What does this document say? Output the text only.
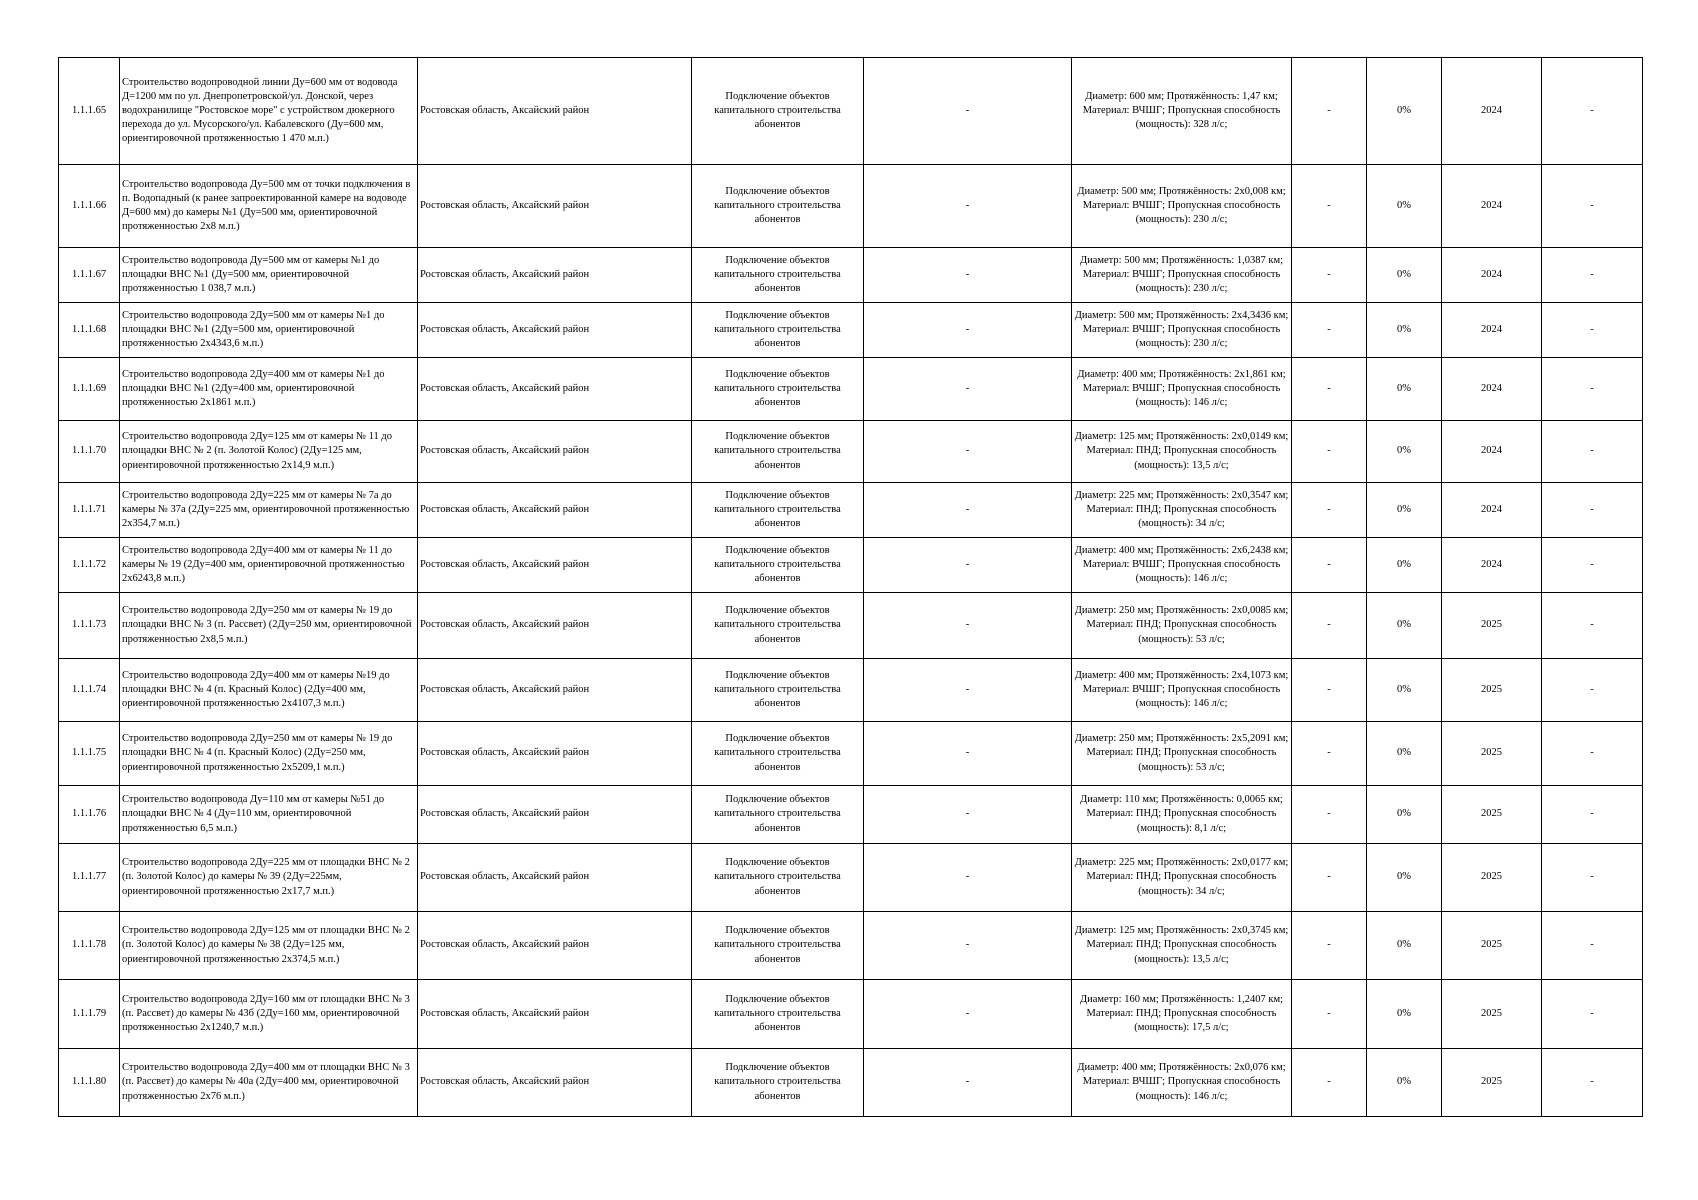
1.1.1.65	Строительство водопроводной линии Ду=600 мм от водовода Д=1200 мм по ул. Днепропетровской/ул. Донской, через водохранилище "Ростовское море" с устройством дюкерного перехода до ул. Мусорского/ул. Кабалевского (Ду=600 мм, ориентировочной протяженностью 1 470 м.п.)	Ростовская область, Аксайский район	Подключение объектов капитального строительства абонентов	-	Диаметр: 600 мм; Протяжённость: 1,47 км; Материал: ВЧШГ; Пропускная способность (мощность): 328 л/с;	-	0%	2024	-
1.1.1.66	Строительство водопровода Ду=500 мм от точки подключения в п. Водопадный (к ранее запроектированной камере на водоводе Д=600 мм) до камеры №1 (Ду=500 мм, ориентировочной протяженностью 2х8 м.п.)	Ростовская область, Аксайский район	Подключение объектов капитального строительства абонентов	-	Диаметр: 500 мм; Протяжённость: 2х0,008 км; Материал: ВЧШГ; Пропускная способность (мощность): 230 л/с;	-	0%	2024	-
1.1.1.67	Строительство водопровода Ду=500 мм от камеры №1 до площадки ВНС №1 (Ду=500 мм, ориентировочной протяженностью 1 038,7 м.п.)	Ростовская область, Аксайский район	Подключение объектов капитального строительства абонентов	-	Диаметр: 500 мм; Протяжённость: 1,0387 км; Материал: ВЧШГ; Пропускная способность (мощность): 230 л/с;	-	0%	2024	-
1.1.1.68	Строительство водопровода 2Ду=500 мм от камеры №1 до площадки ВНС №1 (2Ду=500 мм, ориентировочной протяженностью 2х4343,6 м.п.)	Ростовская область, Аксайский район	Подключение объектов капитального строительства абонентов	-	Диаметр: 500 мм; Протяжённость: 2х4,3436 км; Материал: ВЧШГ; Пропускная способность (мощность): 230 л/с;	-	0%	2024	-
1.1.1.69	Строительство водопровода 2Ду=400 мм от камеры №1 до площадки ВНС №1 (2Ду=400 мм, ориентировочной протяженностью 2х1861 м.п.)	Ростовская область, Аксайский район	Подключение объектов капитального строительства абонентов	-	Диаметр: 400 мм; Протяжённость: 2х1,861 км; Материал: ВЧШГ; Пропускная способность (мощность): 146 л/с;	-	0%	2024	-
1.1.1.70	Строительство водопровода 2Ду=125 мм от камеры № 11 до площадки ВНС № 2 (п. Золотой Колос) (2Ду=125 мм, ориентировочной протяженностью 2х14,9 м.п.)	Ростовская область, Аксайский район	Подключение объектов капитального строительства абонентов	-	Диаметр: 125 мм; Протяжённость: 2х0,0149 км; Материал: ПНД; Пропускная способность (мощность): 13,5 л/с;	-	0%	2024	-
1.1.1.71	Строительство водопровода 2Ду=225 мм от камеры № 7а до камеры № 37а (2Ду=225 мм, ориентировочной протяженностью 2х354,7 м.п.)	Ростовская область, Аксайский район	Подключение объектов капитального строительства абонентов	-	Диаметр: 225 мм; Протяжённость: 2х0,3547 км; Материал: ПНД; Пропускная способность (мощность): 34 л/с;	-	0%	2024	-
1.1.1.72	Строительство водопровода 2Ду=400 мм от камеры № 11 до камеры № 19 (2Ду=400 мм, ориентировочной протяженностью 2х6243,8 м.п.)	Ростовская область, Аксайский район	Подключение объектов капитального строительства абонентов	-	Диаметр: 400 мм; Протяжённость: 2х6,2438 км; Материал: ВЧШГ; Пропускная способность (мощность): 146 л/с;	-	0%	2024	-
1.1.1.73	Строительство водопровода 2Ду=250 мм от камеры № 19 до площадки ВНС № 3 (п. Рассвет) (2Ду=250 мм, ориентировочной протяженностью 2х8,5 м.п.)	Ростовская область, Аксайский район	Подключение объектов капитального строительства абонентов	-	Диаметр: 250 мм; Протяжённость: 2х0,0085 км; Материал: ПНД; Пропускная способность (мощность): 53 л/с;	-	0%	2025	-
1.1.1.74	Строительство водопровода 2Ду=400 мм от камеры №19 до площадки ВНС № 4 (п. Красный Колос) (2Ду=400 мм, ориентировочной протяженностью 2х4107,3 м.п.)	Ростовская область, Аксайский район	Подключение объектов капитального строительства абонентов	-	Диаметр: 400 мм; Протяжённость: 2х4,1073 км; Материал: ВЧШГ; Пропускная способность (мощность): 146 л/с;	-	0%	2025	-
1.1.1.75	Строительство водопровода 2Ду=250 мм от камеры № 19 до площадки ВНС № 4 (п. Красный Колос) (2Ду=250 мм, ориентировочной протяженностью 2х5209,1 м.п.)	Ростовская область, Аксайский район	Подключение объектов капитального строительства абонентов	-	Диаметр: 250 мм; Протяжённость: 2х5,2091 км; Материал: ПНД; Пропускная способность (мощность): 53 л/с;	-	0%	2025	-
1.1.1.76	Строительство водопровода Ду=110 мм от камеры №51 до площадки ВНС № 4 (Ду=110 мм, ориентировочной протяженностью 6,5 м.п.)	Ростовская область, Аксайский район	Подключение объектов капитального строительства абонентов	-	Диаметр: 110 мм; Протяжённость: 0,0065 км; Материал: ПНД; Пропускная способность (мощность): 8,1 л/с;	-	0%	2025	-
1.1.1.77	Строительство водопровода 2Ду=225 мм от площадки ВНС № 2 (п. Золотой Колос) до камеры № 39 (2Ду=225мм, ориентировочной протяженностью 2х17,7 м.п.)	Ростовская область, Аксайский район	Подключение объектов капитального строительства абонентов	-	Диаметр: 225 мм; Протяжённость: 2х0,0177 км; Материал: ПНД; Пропускная способность (мощность): 34 л/с;	-	0%	2025	-
1.1.1.78	Строительство водопровода 2Ду=125 мм от площадки ВНС № 2 (п. Золотой Колос) до камеры № 38 (2Ду=125 мм, ориентировочной протяженностью 2х374,5 м.п.)	Ростовская область, Аксайский район	Подключение объектов капитального строительства абонентов	-	Диаметр: 125 мм; Протяжённость: 2х0,3745 км; Материал: ПНД; Пропускная способность (мощность): 13,5 л/с;	-	0%	2025	-
1.1.1.79	Строительство водопровода 2Ду=160 мм от площадки ВНС № 3 (п. Рассвет) до камеры № 43б (2Ду=160 мм, ориентировочной протяженностью 2х1240,7 м.п.)	Ростовская область, Аксайский район	Подключение объектов капитального строительства абонентов	-	Диаметр: 160 мм; Протяжённость: 1,2407 км; Материал: ПНД; Пропускная способность (мощность): 17,5 л/с;	-	0%	2025	-
1.1.1.80	Строительство водопровода 2Ду=400 мм от площадки ВНС № 3 (п. Рассвет) до камеры № 40а (2Ду=400 мм, ориентировочной протяженностью 2х76 м.п.)	Ростовская область, Аксайский район	Подключение объектов капитального строительства абонентов	-	Диаметр: 400 мм; Протяжённость: 2х0,076 км; Материал: ВЧШГ; Пропускная способность (мощность): 146 л/с;	-	0%	2025	-
